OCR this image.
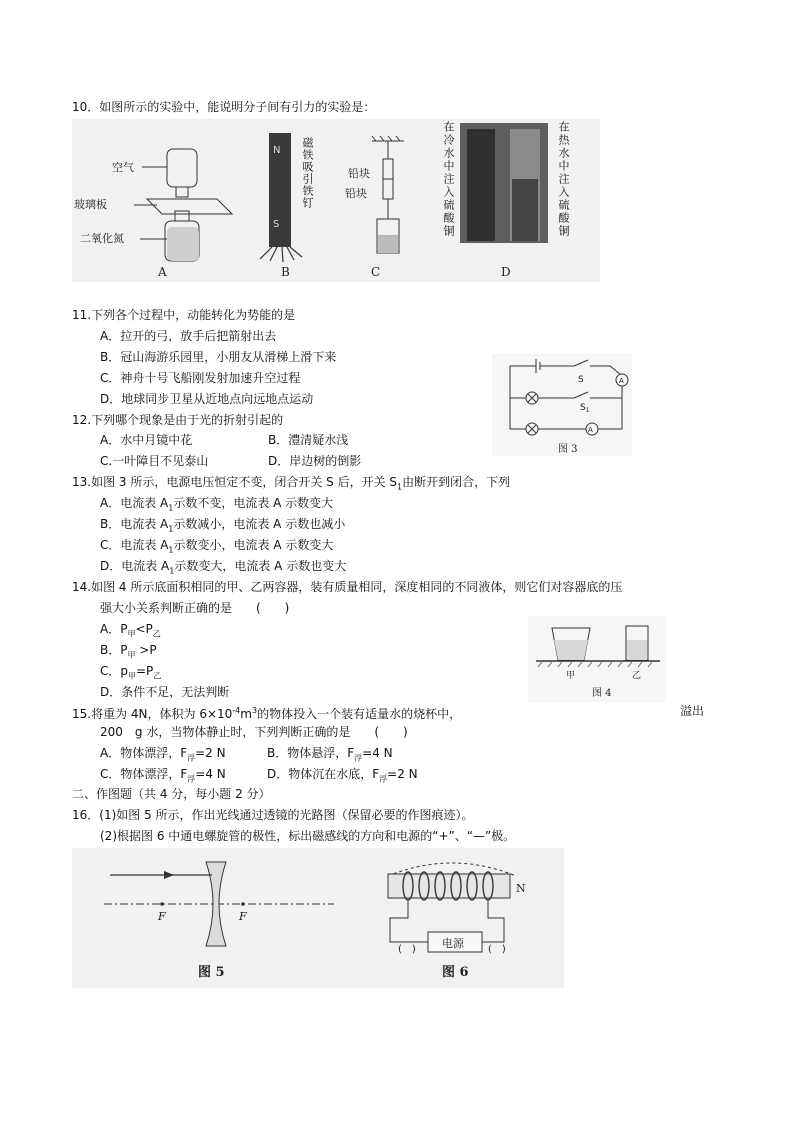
10．如图所示的实验中，能说明分子间有引力的实验是：
空气
玻璃板
二氧化氮
N
S
铅块
铅块
A	B	C	D
磁铁吸引铁钉	在冷水中注入硫酸铜	在热水中注入硫酸铜
11.下列各个过程中，动能转化为势能的是
A．拉开的弓，放手后把箭射出去
B．冠山海游乐园里，小朋友从滑梯上滑下来
C．神舟十号飞船刚发射加速升空过程
D．地球同步卫星从近地点向远地点运动
S
$S_1$
A
A
图 3
12.下列哪个现象是由于光的折射引起的
A．水中月镜中花	B．澧清疑水浅
C.一叶障目不见泰山	D．岸边树的倒影
13.如图 3 所示，电源电压恒定不变，闭合开关 S 后，开关 $S_1$由断开到闭合，下列
A．电流表 $A_1$示数不变，电流表 A 示数变大
B．电流表 $A_1$示数减小，电流表 A 示数也减小
C．电流表 $A_1$示数变小，电流表 A 示数变大
D．电流表 $A_1$示数变大，电流表 A 示数也变大
14.如图 4 所示底面积相同的甲、乙两容器，装有质量相同，深度相同的不同液体，则它们对容器底的压
强大小关系判断正确的是　　(　　)
A．$P_甲<P_乙$
B．$P_甲 >P$
C．$p_甲=P_乙$
D．条件不足，无法判断
甲	乙
图 4
15.将重为 4N，体积为 $6\times 10^{-4}m^3$的物体投入一个装有适量水的烧杯中，	溢出
200　g 水，当物体静止时，下列判断正确的是　　(　　)
A．物体漂浮，$F_浮=2$ N	B．物体悬浮，$F_浮=4$ N
C．物体漂浮，$F_浮=4$ N	D．物体沉在水底，$F_浮=2$ N
二、作图题（共 4 分，每小题 2 分）
16．(1)如图 5 所示，作出光线通过透镜的光路图（保留必要的作图痕迹）。
(2)根据图 6 中通电螺旋管的极性，标出磁感线的方向和电源的“+”、“—”极。
F	F
图 5
N
电源
(　)	(　)
图 6
